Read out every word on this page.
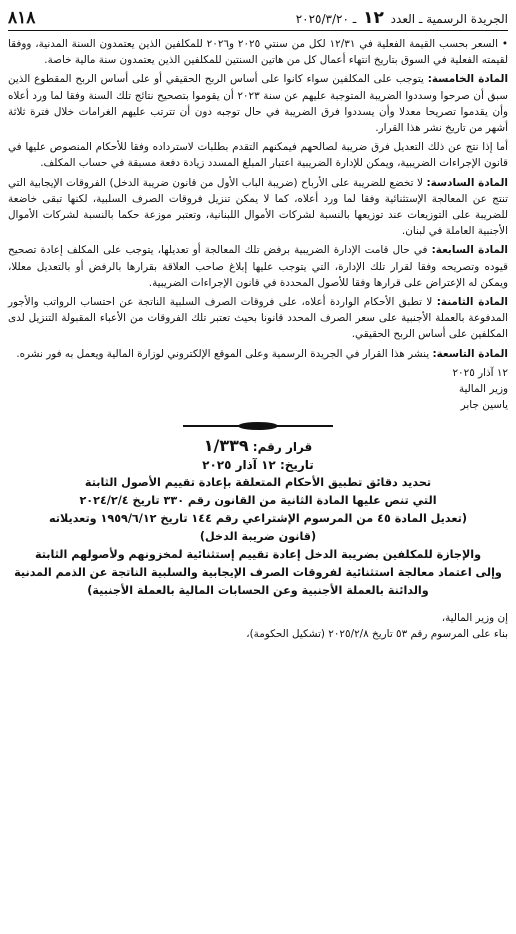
الجريدة الرسمية ـ العدد ١٢ ـ ٢٠٢٥/٣/٢٠
٨١٨

• السعر بحسب القيمة الفعلية في ١٢/٣١ لكل من سنتي ٢٠٢٥ و٢٠٢٦ للمكلفين الذين يعتمدون السنة المدنية، ووفقا لقيمته الفعلية في السوق بتاريخ انتهاء أعمال كل من هاتين السنتين للمكلفين الذين يعتمدون سنة مالية خاصة.

المادة الخامسة: يتوجب على المكلفين سواء كانوا على أساس الربح الحقيقي أو على أساس الربح المقطوع الذين سبق أن صرحوا وسددوا الضريبة المتوجبة عليهم عن سنة ٢٠٢٣ أن يقوموا بتصحيح نتائج تلك السنة وفقا لما ورد أعلاه وأن يقدموا تصريحا معدلا وأن يسددوا فرق الضريبة في حال توجبه دون أن تترتب عليهم الغرامات خلال فترة ثلاثة أشهر من تاريخ نشر هذا القرار.

أما إذا نتج عن ذلك التعديل فرق ضريبة لصالحهم فيمكنهم التقدم بطلبات لاسترداده وفقا للأحكام المنصوص عليها في قانون الإجراءات الضريبية، ويمكن للإدارة الضريبية اعتبار المبلغ المسدد زيادة دفعة مسبقة في حساب المكلف.

المادة السادسة: لا تخضع للضريبة على الأرباح (ضريبة الباب الأول من قانون ضريبة الدخل) الفروقات الإيجابية التي تنتج عن المعالجة الإستثنائية وفقا لما ورد أعلاه، كما لا يمكن تنزيل فروقات الصرف السلبية، لكنها تبقى خاضعة للضريبة على التوزيعات عند توزيعها بالنسبة لشركات الأموال اللبنانية، وتعتبر موزعة حكما بالنسبة لشركات الأموال الأجنبية العاملة في لبنان.

المادة السابعة: في حال قامت الإدارة الضريبية برفض تلك المعالجة أو تعديلها، يتوجب على المكلف إعادة تصحيح قيوده وتصريحه وفقا لقرار تلك الإدارة، التي يتوجب عليها إبلاغ صاحب العلاقة بقرارها بالرفض أو بالتعديل معللا، ويمكن له الإعتراض على قرارها وفقا للأصول المحددة في قانون الإجراءات الضريبية.

المادة الثامنة: لا تطبق الأحكام الواردة أعلاه، على فروقات الصرف السلبية الناتجة عن احتساب الرواتب والأجور المدفوعة بالعملة الأجنبية على سعر الصرف المحدد قانونا بحيث تعتبر تلك الفروقات من الأعباء المقبولة التنزيل لدى المكلفين على أساس الربح الحقيقي.

المادة التاسعة: ينشر هذا القرار في الجريدة الرسمية وعلى الموقع الإلكتروني لوزارة المالية ويعمل به فور نشره.

١٢ آذار ٢٠٢٥
وزير المالية
ياسين جابر
قرار رقم: ١/٣٣٩
تاريخ: ١٢ آذار ٢٠٢٥
تحديد دقائق تطبيق الأحكام المتعلقة بإعادة تقييم الأصول الثابتة
التي تنص عليها المادة الثانية من القانون رقم ٣٣٠ تاريخ ٢٠٢٤/٢/٤
(تعديل المادة ٤٥ من المرسوم الإشتراعي رقم ١٤٤ تاريخ ١٩٥٩/٦/١٢ وتعديلاته
(قانون ضريبة الدخل)
والإجازة للمكلفين بضريبة الدخل إعادة تقييم إستثنائية لمخزونهم ولأصولهم الثابتة
وإلى اعتماد معالجة استثنائية لفروقات الصرف الإيجابية والسلبية الناتجة عن الذمم المدنية
والدائنة بالعملة الأجنبية وعن الحسابات المالية بالعملة الأجنبية)
إن وزير المالية،
بناء على المرسوم رقم ٥٣ تاريخ ٢٠٢٥/٢/٨ (تشكيل الحكومة)،
